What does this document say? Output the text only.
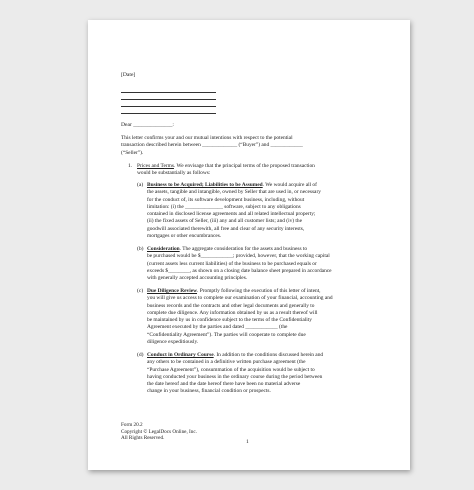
[Date]
Dear ______________:
This letter confirms your and our mutual intentions with respect to the potential
transaction described herein between _____________ (“Buyer”) and ____________
(“Seller”).
1. Prices and Terms. We envisage that the principal terms of the proposed transaction
would be substantially as follows:
(a) Business to be Acquired; Liabilities to be Assumed. We would acquire all of
the assets, tangible and intangible, owned by Seller that are used in, or necessary
for the conduct of, its software development business, including, without
limitation: (i) the ______________ software, subject to any obligations
contained in disclosed license agreements and all related intellectual property;
(ii) the fixed assets of Seller, (iii) any and all customer lists; and (iv) the
goodwill associated therewith, all free and clear of any security interests,
mortgages or other encumbrances.
(b) Consideration. The aggregate consideration for the assets and business to
be purchased would be $____________; provided, however, that the working capital
(current assets less current liabilities) of the business to be purchased equals or
exceeds $________, as shown on a closing date balance sheet prepared in accordance
with generally accepted accounting principles.
(c) Due Diligence Review. Promptly following the execution of this letter of intent,
you will give us access to complete our examination of your financial, accounting and
business records and the contracts and other legal documents and generally to
complete due diligence. Any information obtained by us as a result thereof will
be maintained by us in confidence subject to the terms of the Confidentiality
Agreement executed by the parties and dated ____________ (the
“Confidentiality Agreement”). The parties will cooperate to complete due
diligence expeditiously.
(d) Conduct in Ordinary Course. In addition to the conditions discussed herein and
any others to be contained in a definitive written purchase agreement (the
“Purchase Agreement”), consummation of the acquisition would be subject to
having conducted your business in the ordinary course during the period between
the date hereof and the date hereof there have been no material adverse
change in your business, financial condition or prospects.
Form 20.2
Copyright © LegalDocs Online, Inc.
All Rights Reserved.
1
